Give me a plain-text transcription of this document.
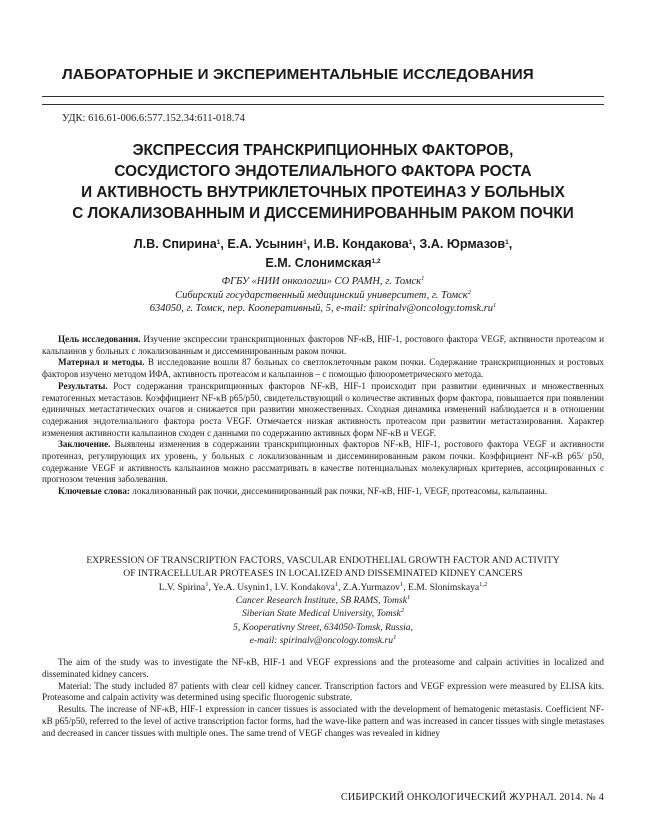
ЛАБОРАТОРНЫЕ И ЭКСПЕРИМЕНТАЛЬНЫЕ ИССЛЕДОВАНИЯ
УДК: 616.61-006.6:577.152.34:611-018.74
ЭКСПРЕССИЯ ТРАНСКРИПЦИОННЫХ ФАКТОРОВ,
СОСУДИСТОГО ЭНДОТЕЛИАЛЬНОГО ФАКТОРА РОСТА
И АКТИВНОСТЬ ВНУТРИКЛЕТОЧНЫХ ПРОТЕИНАЗ У БОЛЬНЫХ
С ЛОКАЛИЗОВАННЫМ И ДИССЕМИНИРОВАННЫМ РАКОМ ПОЧКИ
Л.В. Спирина$^1$, Е.А. Усынин$^1$, И.В. Кондакова$^1$, З.А. Юрмазов$^1$,
Е.М. Слонимская$^{1,2}$
ФГБУ «НИИ онкологии» СО РАМН, г. Томск$^1$
Сибирский государственный медицинский университет, г. Томск$^2$
634050, г. Томск, пер. Кооперативный, 5, e-mail: $spirinalv@oncology.tomsk.ru^1$

Цель исследования. Изучение экспрессии транскрипционных факторов NF-κB, HIF-1, ростового фактора VEGF, активности протеасом и кальпаинов у больных с локализованным и диссеминированным раком почки.

Материал и методы. В исследование вошли 87 больных со светлоклеточным раком почки. Содержание транскрипционных и ростовых факторов изучено методом ИФА, активность протеасом и кальпаинов – с помощью флюорометрического метода.

Результаты. Рост содержания транскрипционных факторов NF-κB, HIF-1 происходит при развитии единичных и множественных гематогенных метастазов. Коэффициент NF-κB p65/p50, свидетельствующий о количестве активных форм фактора, повышается при появлении единичных метастатических очагов и снижается при развитии множественных. Сходная динамика изменений наблюдается и в отношении содержания эндотелиального фактора роста VEGF. Отмечается низкая активность протеасом при развитии метастазирования. Характер изменения активности кальпаинов сходен с данными по содержанию активных форм NF-κB и VEGF.

Заключение. Выявлены изменения в содержании транскрипционных факторов NF-κB, HIF-1, ростового фактора VEGF и активности протеиназ, регулирующих их уровень, у больных с локализованным и диссеминированным раком почки. Коэффициент NF-κB p65/ p50, содержание VEGF и активность кальпаинов можно рассматривать в качестве потенциальных молекулярных критериев, ассоциированных с прогнозом течения заболевания.

Ключевые слова: локализованный рак почки, диссеминированный рак почки, NF-κB, HIF-1, VEGF, протеасомы, кальпаины.

EXPRESSION OF TRANSCRIPTION FACTORS, VASCULAR ENDOTHELIAL GROWTH FACTOR AND ACTIVITY
OF INTRACELLULAR PROTEASES IN LOCALIZED AND DISSEMINATED KIDNEY CANCERS
L.V. Spirina$^1$, Ye.A. Usynin1, I.V. Kondakova$^1$, Z.A.Yurmazov$^1$, E.M. Slonimskaya$^{1,2}$
Cancer Research Institute, SB RAMS, Tomsk$^1$
Siberian State Medical University, Tomsk$^2$
5, Kooperativny Street, 634050-Tomsk, Russia,
e-mail: $spirinalv@oncology.tomsk.ru^1$

The aim of the study was to investigate the NF-κB, HIF-1 and VEGF expressions and the proteasome and calpain activities in localized and disseminated kidney cancers.

Material: The study included 87 patients with clear cell kidney cancer. Transcription factors and VEGF expression were measured by ELISA kits. Proteasome and calpain activity was determined using specific fluorogenic substrate.

Results. The increase of NF-κB, HIF-1 expression in cancer tissues is associated with the development of hematogenic metastasis. Coefficient NF-κB p65/p50, referred to the level of active transcription factor forms, had the wave-like pattern and was increased in cancer tissues with single metastases and decreased in cancer tissues with multiple ones. The same trend of VEGF changes was revealed in kidney

СИБИРСКИЙ ОНКОЛОГИЧЕСКИЙ ЖУРНАЛ. 2014. № 4
